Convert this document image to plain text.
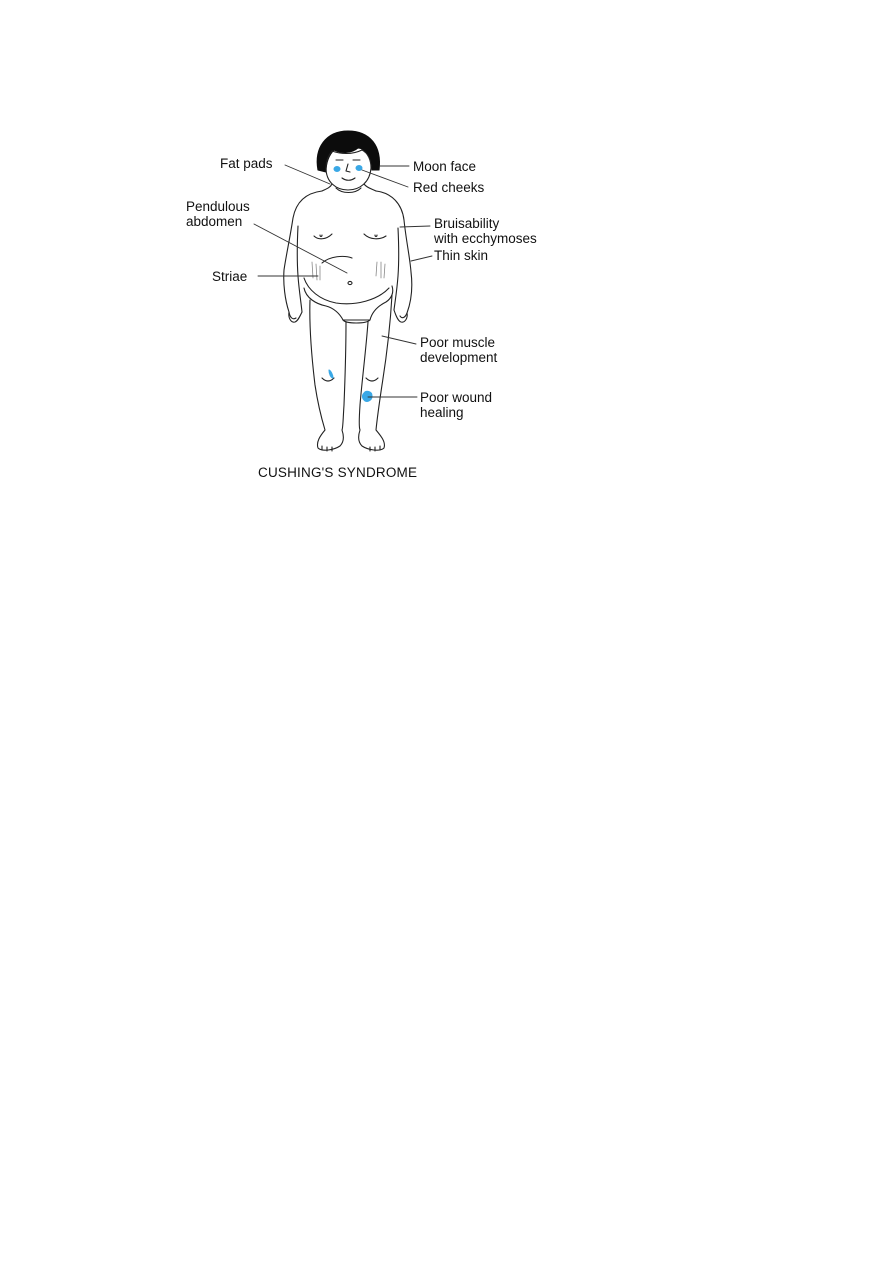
Fat pads	Moon face
Red cheeks
Pendulous
abdomen	Bruisability
with ecchymoses
Thin skin
Striae
Poor muscle
development
Poor wound
healing
CUSHING'S SYNDROME
